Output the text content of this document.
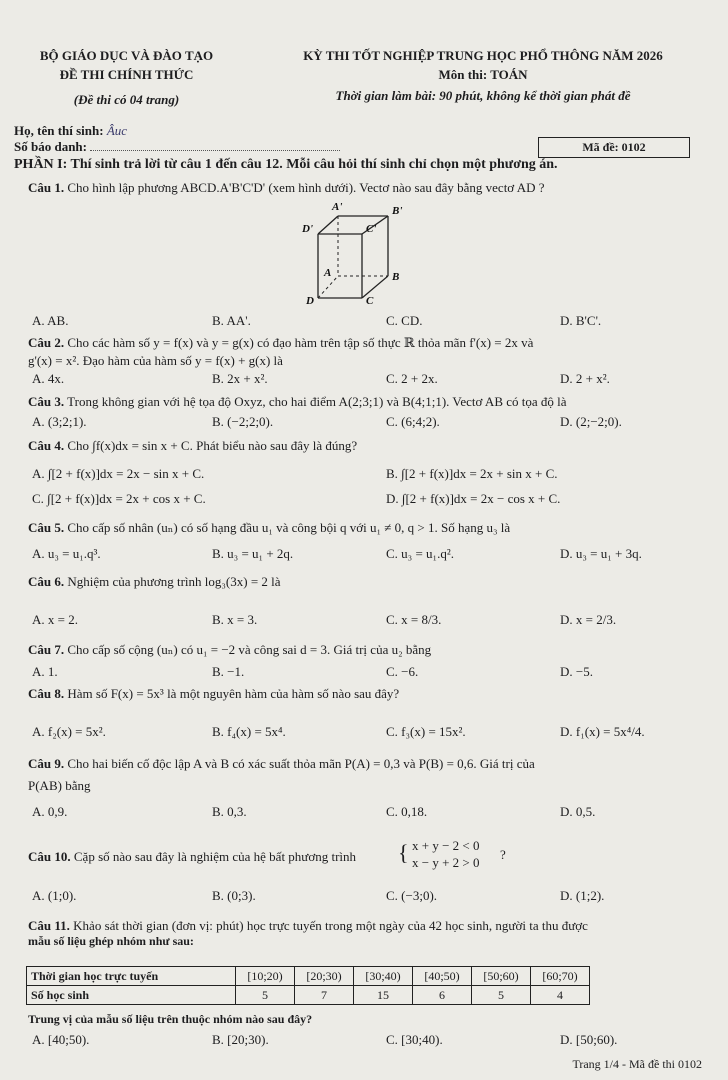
BỘ GIÁO DỤC VÀ ĐÀO TẠO
ĐỀ THI CHÍNH THỨC
(Đề thi có 04 trang)
KỲ THI TỐT NGHIỆP TRUNG HỌC PHỔ THÔNG NĂM 2026
Môn thi: TOÁN
Thời gian làm bài: 90 phút, không kể thời gian phát đề
Họ, tên thí sinh: Âuc
Số báo danh:	Mã đề: 0102
PHẦN I: Thí sinh trả lời từ câu 1 đến câu 12. Mỗi câu hỏi thí sinh chỉ chọn một phương án.
Câu 1. Cho hình lập phương ABCD.A'B'C'D' (xem hình dưới). Vectơ nào sau đây bằng vectơ AD ?
A'	B'
D'	C'
A	B
D	C
A. AB.	B. AA'.	C. CD.	D. B'C'.
Câu 2. Cho các hàm số y = f(x) và y = g(x) có đạo hàm trên tập số thực ℝ thỏa mãn f'(x) = 2x và
g'(x) = x². Đạo hàm của hàm số y = f(x) + g(x) là
A. 4x.	B. 2x + x².	C. 2 + 2x.	D. 2 + x².
Câu 3. Trong không gian với hệ tọa độ Oxyz, cho hai điểm A(2;3;1) và B(4;1;1). Vectơ AB có tọa độ là
A. (3;2;1).	B. (−2;2;0).	C. (6;4;2).	D. (2;−2;0).
Câu 4. Cho ∫f(x)dx = sin x + C. Phát biểu nào sau đây là đúng?
A. ∫[2 + f(x)]dx = 2x − sin x + C.	B. ∫[2 + f(x)]dx = 2x + sin x + C.
C. ∫[2 + f(x)]dx = 2x + cos x + C.	D. ∫[2 + f(x)]dx = 2x − cos x + C.
Câu 5. Cho cấp số nhân (uₙ) có số hạng đầu u₁ và công bội q với u₁ ≠ 0, q > 1. Số hạng u₃ là
A. u₃ = u₁.q³.	B. u₃ = u₁ + 2q.	C. u₃ = u₁.q².	D. u₃ = u₁ + 3q.
Câu 6. Nghiệm của phương trình log₃(3x) = 2 là
A. x = 2.	B. x = 3.	C. x = 8/3.	D. x = 2/3.
Câu 7. Cho cấp số cộng (uₙ) có u₁ = −2 và công sai d = 3. Giá trị của u₂ bằng
A. 1.	B. −1.	C. −6.	D. −5.
Câu 8. Hàm số F(x) = 5x³ là một nguyên hàm của hàm số nào sau đây?
A. f₂(x) = 5x².	B. f₄(x) = 5x⁴.	C. f₃(x) = 15x².	D. f₁(x) = 5x⁴/4.
Câu 9. Cho hai biến cố độc lập A và B có xác suất thỏa mãn P(A) = 0,3 và P(B) = 0,6. Giá trị của
P(AB) bằng
A. 0,9.	B. 0,3.	C. 0,18.	D. 0,5.
Câu 10. Cặp số nào sau đây là nghiệm của hệ bất phương trình { x + y − 2 < 0
x − y + 2 > 0
?
A. (1;0).	B. (0;3).	C. (−3;0).	D. (1;2).
Câu 11. Khảo sát thời gian (đơn vị: phút) học trực tuyến trong một ngày của 42 học sinh, người ta thu được
mẫu số liệu ghép nhóm như sau:
Thời gian học trực tuyến	[10;20)	[20;30)	[30;40)	[40;50)	[50;60)	[60;70)
Số học sinh	5	7	15	6	5	4
Trung vị của mẫu số liệu trên thuộc nhóm nào sau đây?
A. [40;50).	B. [20;30).	C. [30;40).	D. [50;60).
Trang 1/4 - Mã đề thi 0102
